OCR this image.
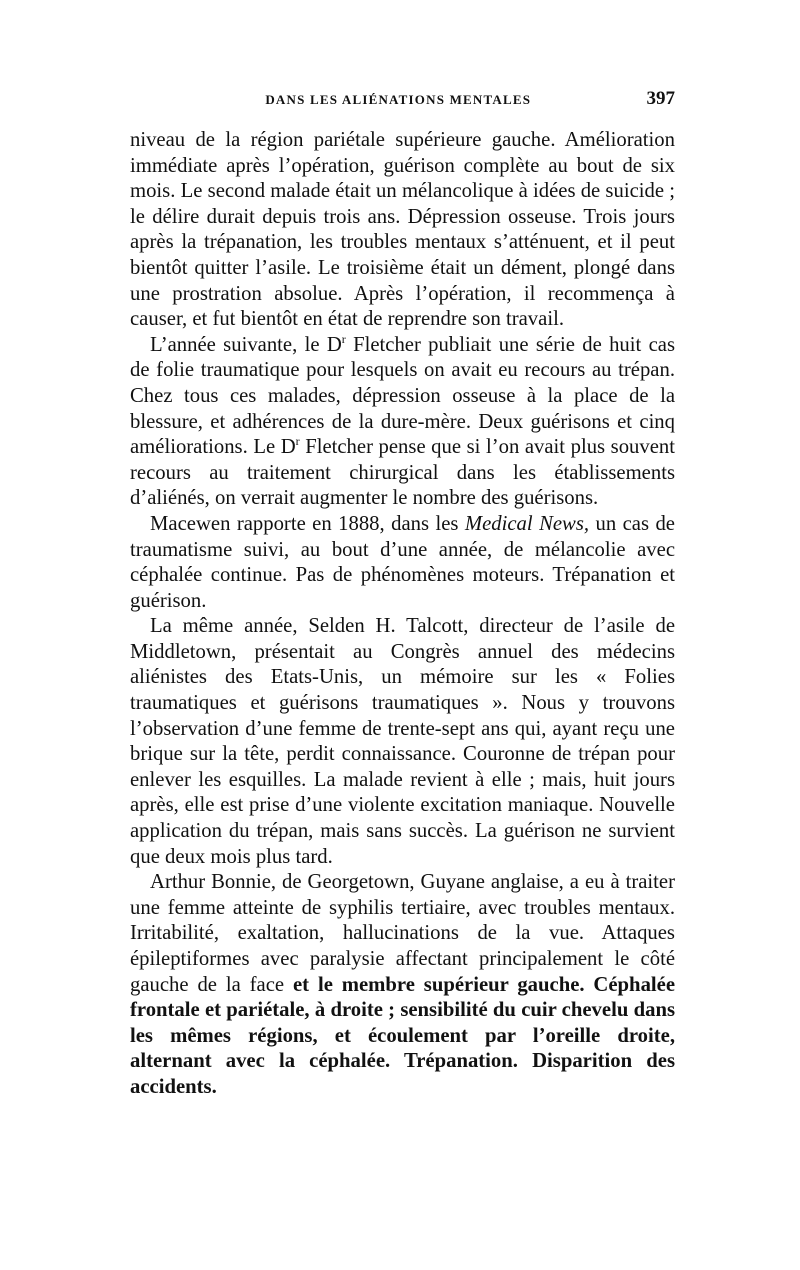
DANS LES ALIÉNATIONS MENTALES	397

niveau de la région pariétale supérieure gauche. Amélioration immédiate après l’opération, guérison complète au bout de six mois. Le second malade était un mélancolique à idées de suicide ; le délire durait depuis trois ans. Dépression osseuse. Trois jours après la trépanation, les troubles mentaux s’atténuent, et il peut bientôt quitter l’asile. Le troisième était un dément, plongé dans une prostration absolue. Après l’opération, il recommença à causer, et fut bientôt en état de reprendre son travail.

L’année suivante, le $D^r$ Fletcher publiait une série de huit cas de folie traumatique pour lesquels on avait eu recours au trépan. Chez tous ces malades, dépression osseuse à la place de la blessure, et adhérences de la dure-mère. Deux guérisons et cinq améliorations. Le $D^r$ Fletcher pense que si l’on avait plus souvent recours au traitement chirurgical dans les établissements d’aliénés, on verrait augmenter le nombre des guérisons.

Macewen rapporte en 1888, dans les Medical News, un cas de traumatisme suivi, au bout d’une année, de mélancolie avec céphalée continue. Pas de phénomènes moteurs. Trépanation et guérison.

La même année, Selden H. Talcott, directeur de l’asile de Middletown, présentait au Congrès annuel des médecins aliénistes des Etats-Unis, un mémoire sur les « Folies traumatiques et guérisons traumatiques ». Nous y trouvons l’observation d’une femme de trente-sept ans qui, ayant reçu une brique sur la tête, perdit connaissance. Couronne de trépan pour enlever les esquilles. La malade revient à elle ; mais, huit jours après, elle est prise d’une violente excitation maniaque. Nouvelle application du trépan, mais sans succès. La guérison ne survient que deux mois plus tard.

Arthur Bonnie, de Georgetown, Guyane anglaise, a eu à traiter une femme atteinte de syphilis tertiaire, avec troubles mentaux. Irritabilité, exaltation, hallucinations de la vue. Attaques épileptiformes avec paralysie affectant principalement le côté gauche de la face et le membre supérieur gauche. Céphalée frontale et pariétale, à droite ; sensibilité du cuir chevelu dans les mêmes régions, et écoulement par l’oreille droite, alternant avec la céphalée. Trépanation. Disparition des accidents.
